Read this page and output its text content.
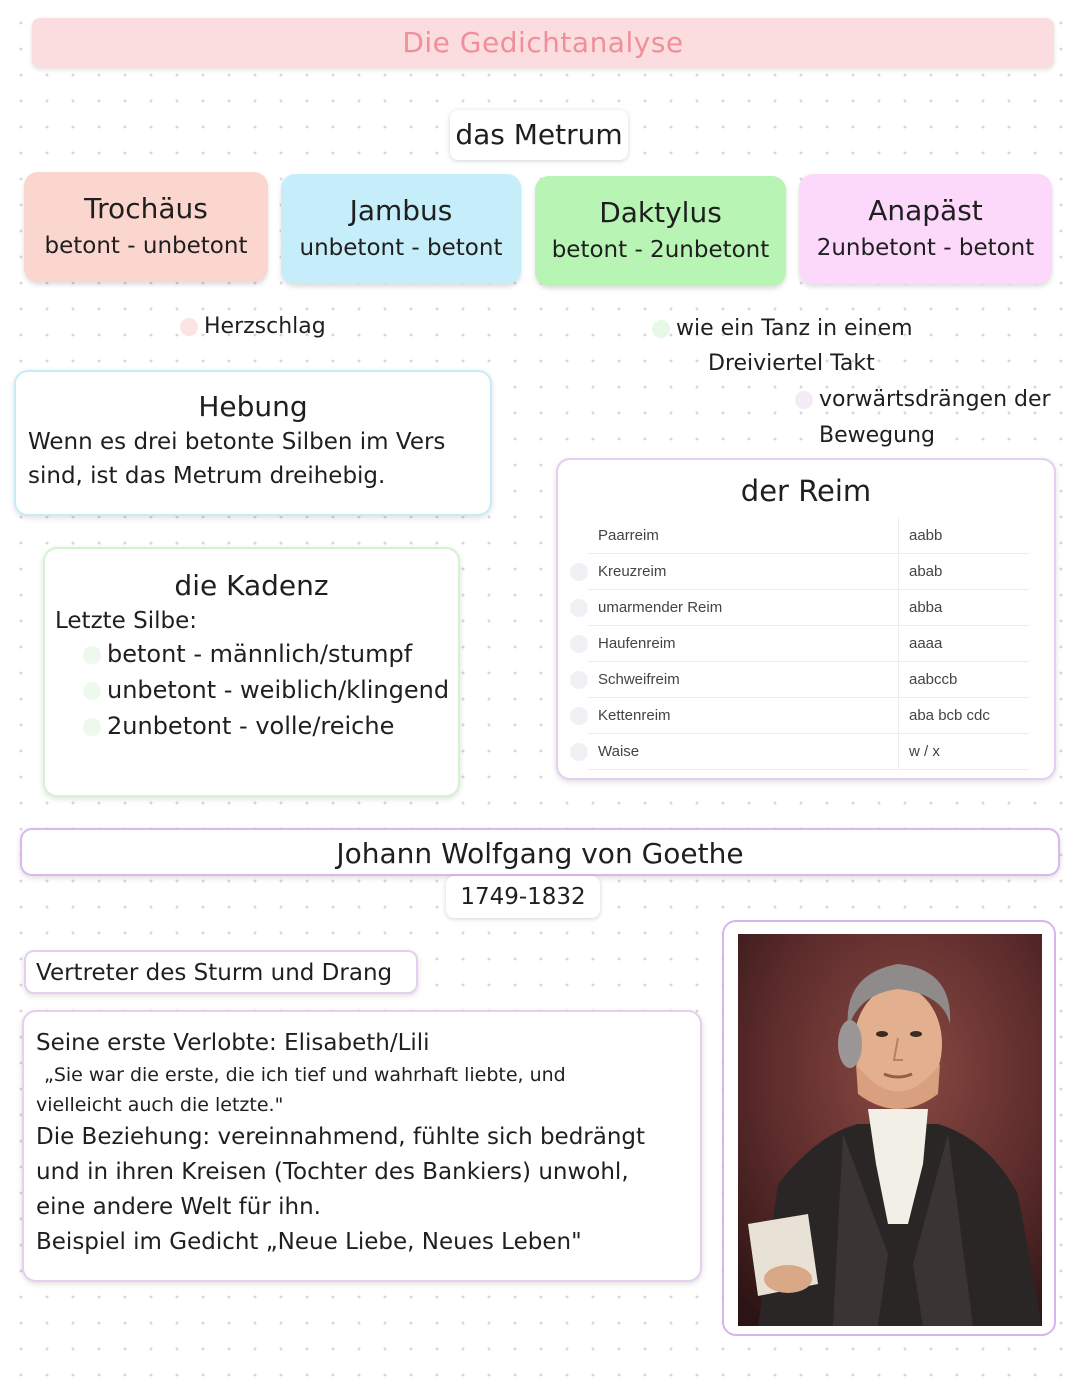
Die Gedichtanalyse
das Metrum
Trochäus
betont - unbetont
Jambus
unbetont - betont
Daktylus
betont - 2unbetont
Anapäst
2unbetont - betont
Herzschlag	wie ein Tanz in einem
Dreiviertel Takt
vorwärtsdrängen der
Bewegung
Hebung
Wenn es drei betonte Silben im Vers
sind, ist das Metrum dreihebig.
die Kadenz
Letzte Silbe:
betont - männlich/stumpf
unbetont - weiblich/klingend
2unbetont - volle/reiche
der Reim
Paarreim	aabb

Kreuzreim	abab

umarmender Reim	abba

Haufenreim	aaaa

Schweifreim	aabccb

Kettenreim	aba bcb cdc

Waise	w / x
Johann Wolfgang von Goethe
1749-1832
Vertreter des Sturm und Drang
Seine erste Verlobte: Elisabeth/Lili
„Sie war die erste, die ich tief und wahrhaft liebte, und
vielleicht auch die letzte."
Die Beziehung: vereinnahmend, fühlte sich bedrängt
und in ihren Kreisen (Tochter des Bankiers) unwohl,
eine andere Welt für ihn.
Beispiel im Gedicht „Neue Liebe, Neues Leben"
